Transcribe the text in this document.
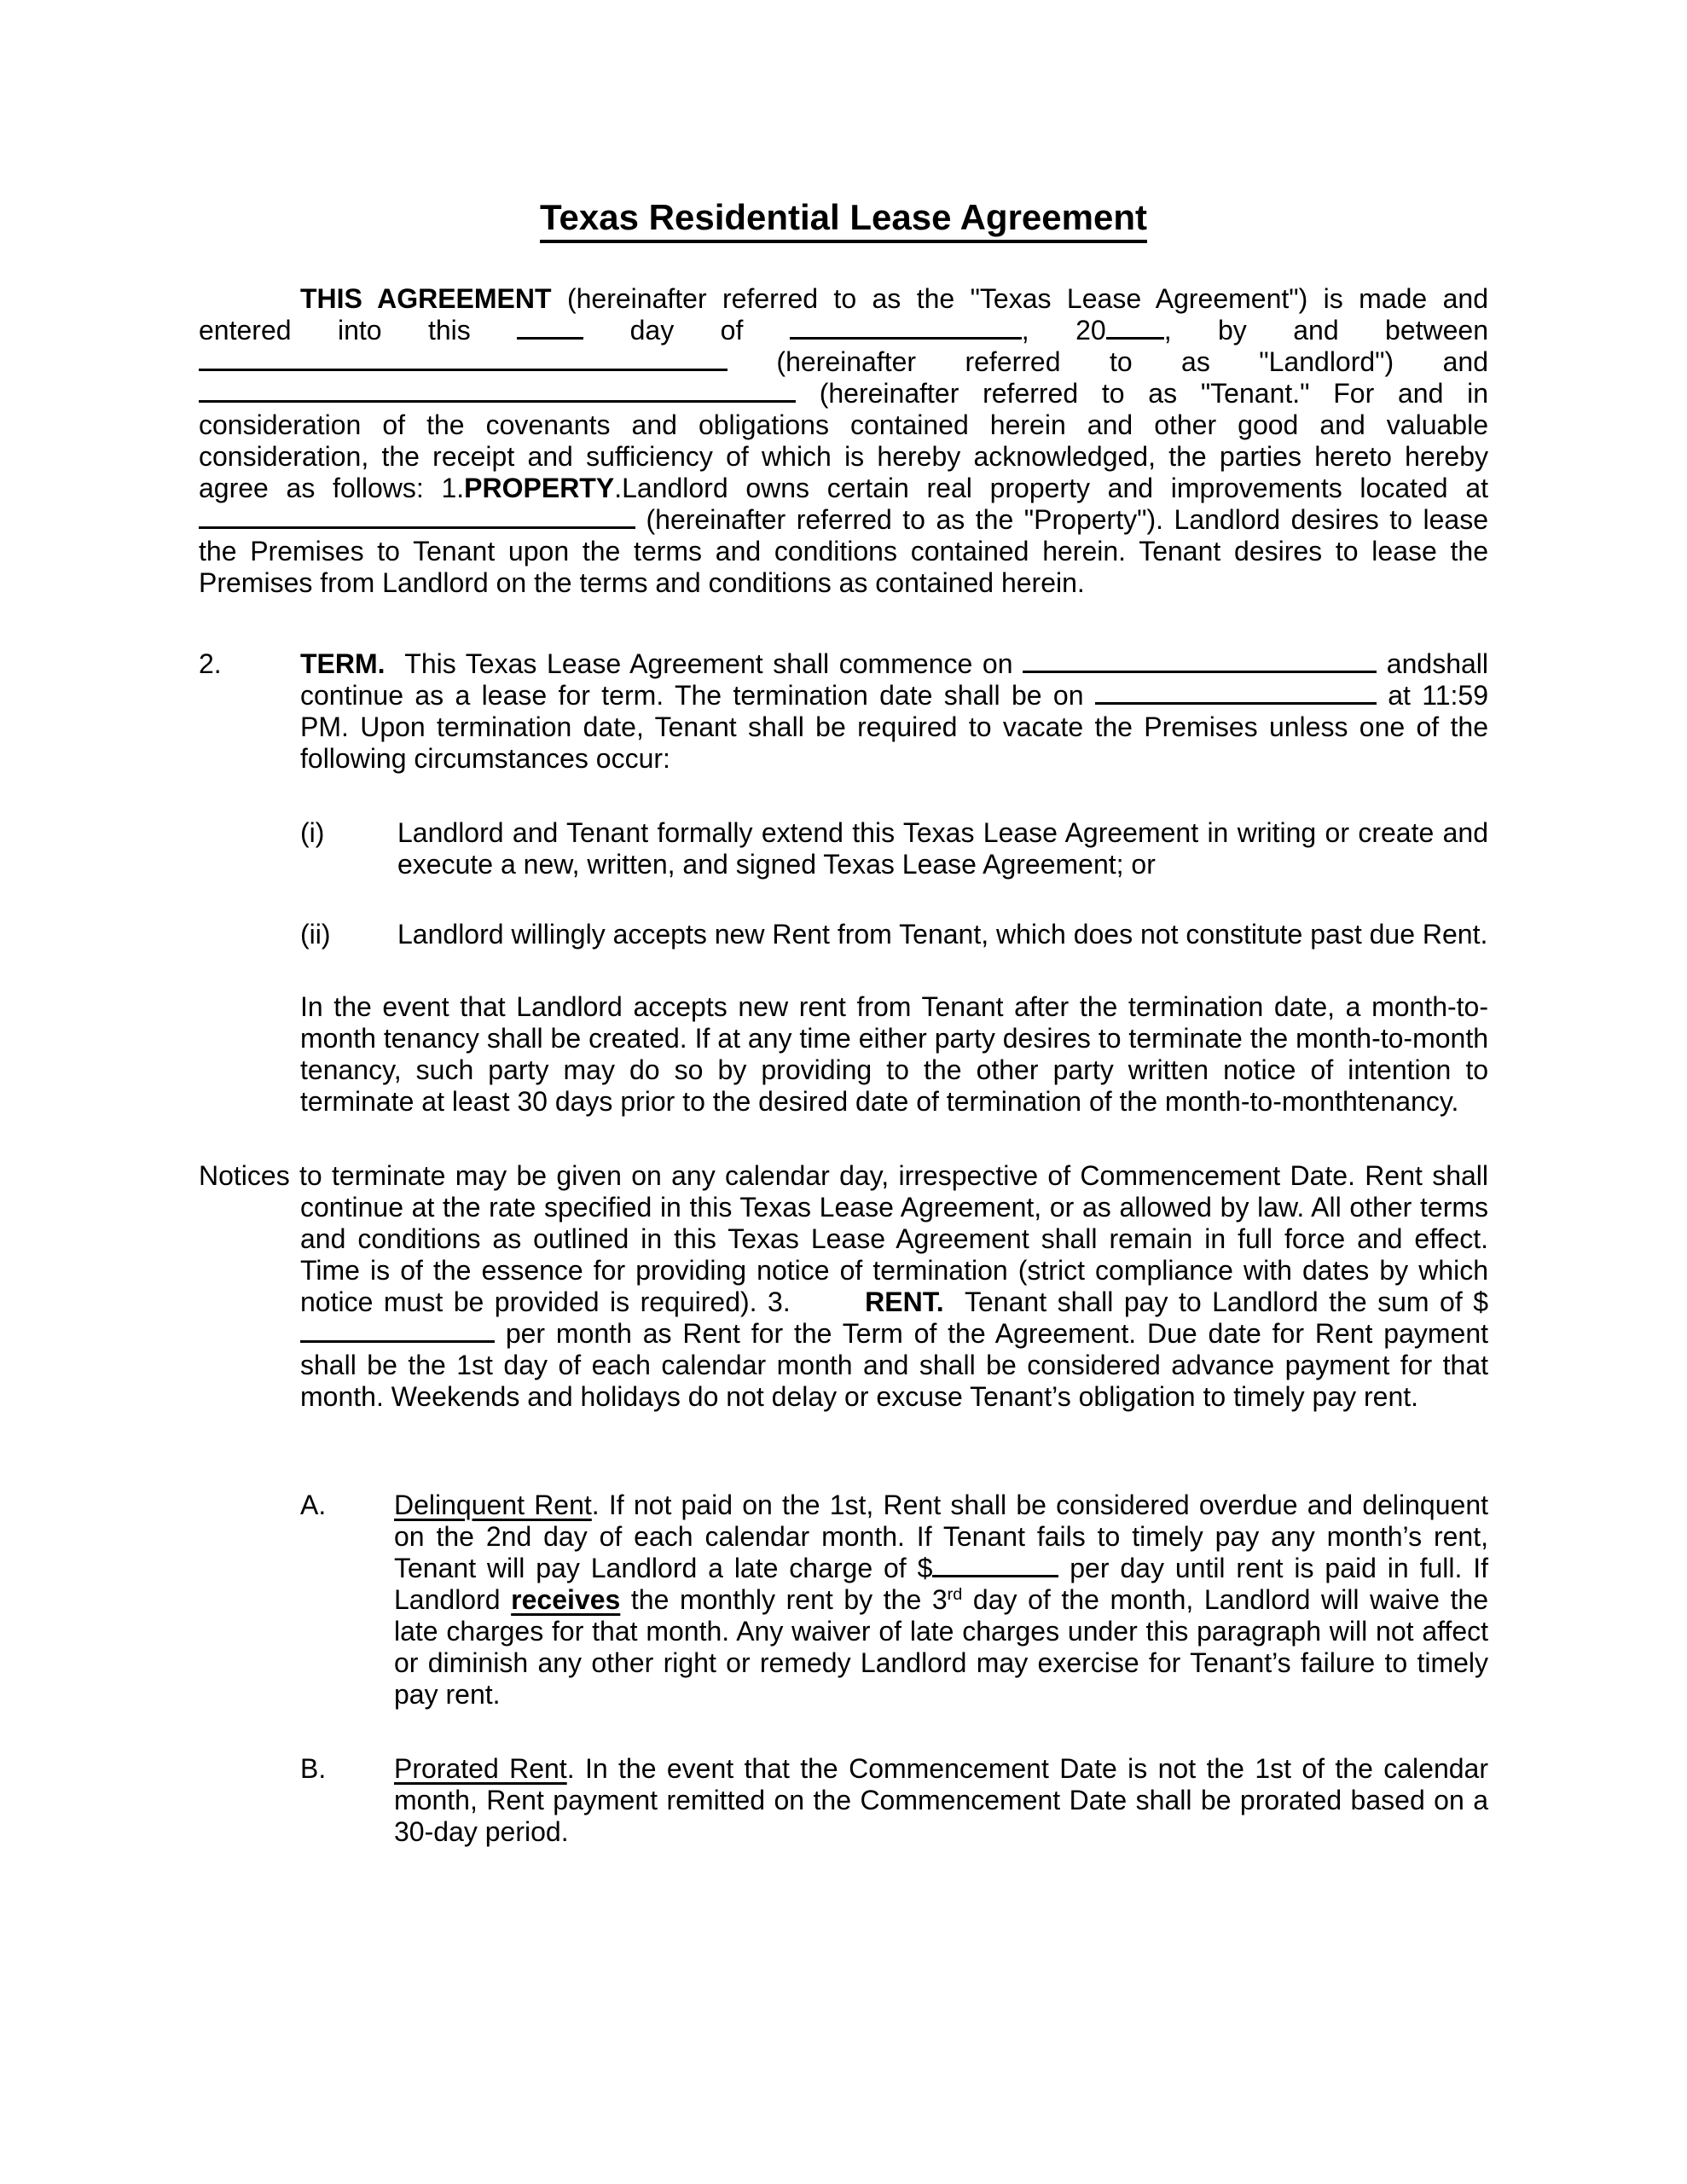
Texas Residential Lease Agreement

THIS AGREEMENT (hereinafter referred to as the "Texas Lease Agreement") is made and entered into this  day of	, 20 , by and between  (hereinafter referred to as "Landlord") and  (hereinafter referred to as "Tenant." For and in consideration of the covenants and obligations contained herein and other good and valuable consideration, the receipt and sufficiency of which is hereby acknowledged, the parties hereto hereby agree as follows: 1.PROPERTY.Landlord owns certain real property and improvements located at  (hereinafter referred to as the "Property"). Landlord desires to lease the Premises to Tenant upon the terms and conditions contained herein. Tenant desires to lease the Premises from Landlord on the terms and conditions as contained herein.

2.	TERM.  This Texas Lease Agreement shall commence on	andshall continue as a lease for term. The termination date shall be on	at 11:59 PM. Upon termination date, Tenant shall be required to vacate the Premises unless one of the following circumstances occur:
(i)	Landlord and Tenant formally extend this Texas Lease Agreement in writing or create and execute a new, written, and signed Texas Lease Agreement; or
(ii) Landlord willingly accepts new Rent from Tenant, which does not constitute past due Rent.

In the event that Landlord accepts new rent from Tenant after the termination date, a month-to-month tenancy shall be created. If at any time either party desires to terminate the month-to-month tenancy, such party may do so by providing to the other party written notice of intention to terminate at least 30 days prior to the desired date of termination of the month-to-monthtenancy.

Notices to terminate may be given on any calendar day, irrespective of Commencement Date. Rent shall continue at the rate specified in this Texas Lease Agreement, or as allowed by law. All other terms and conditions as outlined in this Texas Lease Agreement shall remain in full force and effect. Time is of the essence for providing notice of termination (strict compliance with dates by which notice must be provided is required). 3.	RENT.  Tenant shall pay to Landlord the sum of $ per month as Rent for the Term of the Agreement. Due date for Rent payment shall be the 1st day of each calendar month and shall be considered advance payment for that month. Weekends and holidays do not delay or excuse Tenant’s obligation to timely pay rent.

A. Delinquent Rent. If not paid on the 1st, Rent shall be considered overdue and delinquent on the 2nd day of each calendar month. If Tenant fails to timely pay any month’s rent, Tenant will pay Landlord a late charge of $	per day until rent is paid in full. If Landlord receives the monthly rent by the 3rd day of the month, Landlord will waive the late charges for that month. Any waiver of late charges under this paragraph will not affect or diminish any other right or remedy Landlord may exercise for Tenant’s failure to timely pay rent.
B. Prorated Rent. In the event that the Commencement Date is not the 1st of the calendar month, Rent payment remitted on the Commencement Date shall be prorated based on a 30-day period.
